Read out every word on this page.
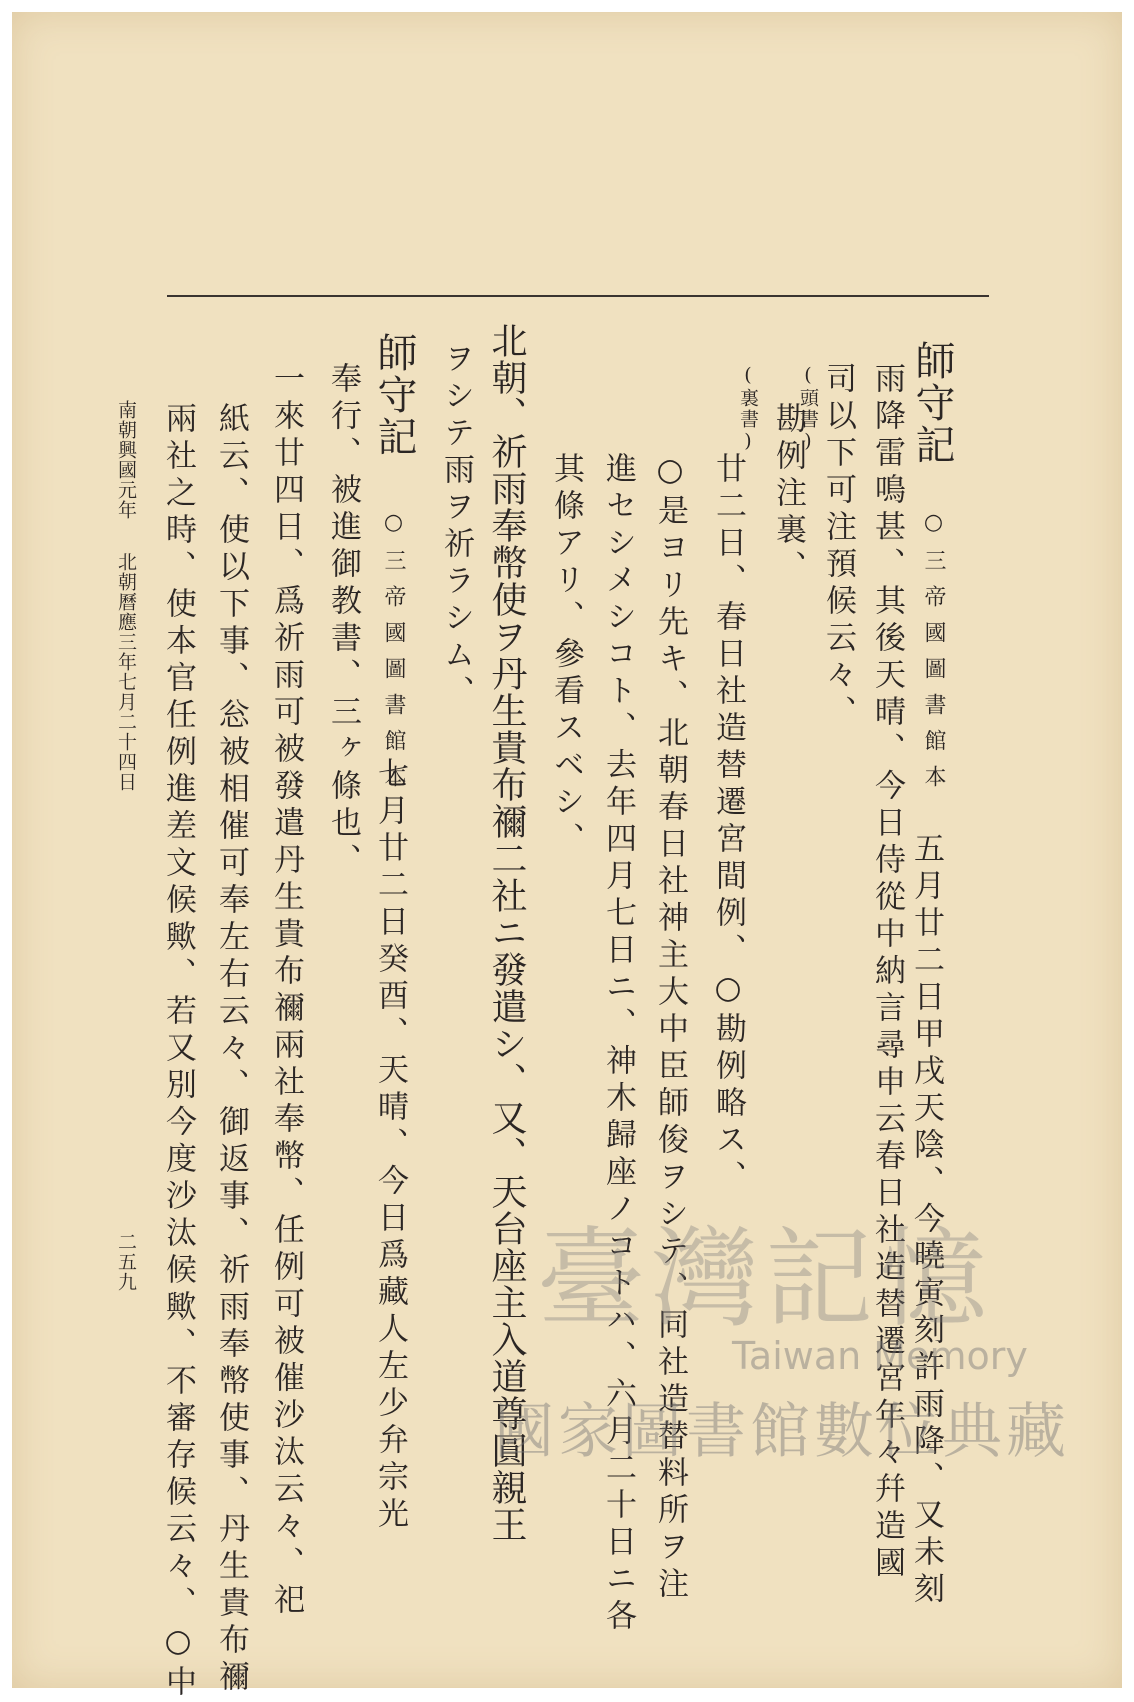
師守記
○三帝國圖書館本
五月廿二日甲戌天陰、今曉寅刻許雨降、又未刻
雨降雷鳴甚、其後天晴、今日侍從中納言尋申云春日社造替遷宮年々幷造國
司以下可注預候云々、
(頭書)
勘例注裏、
(裏書)
廿二日、春日社造替遷宮間例、○勘例略ス、
○是ヨリ先キ、北朝春日社神主大中臣師俊ヲシテ、同社造替料所ヲ注
進セシメシコト、去年四月七日ニ、神木歸座ノコトハ、六月二十日ニ各
其條アリ、參看スベシ、
北朝、祈雨奉幣使ヲ丹生貴布禰二社ニ發遣シ、又、天台座主入道尊圓親王
ヲシテ雨ヲ祈ラシム、
師守記
○三帝國圖書館本
七月廿二日癸酉、天晴、今日爲藏人左少弁宗光
奉行、被進御教書、三ヶ條也、
一來廿四日、爲祈雨可被發遣丹生貴布禰兩社奉幣、任例可被催沙汰云々、祀
紙云、使以下事、忩被相催可奉左右云々、御返事、祈雨奉幣使事、丹生貴布禰
兩社之時、使本官任例進差文候歟、若又別今度沙汰候歟、不審存候云々、○中
南朝興國元年
北朝曆應三年七月二十四日
二五九	臺灣記憶
Taiwan Memory
國家圖書館數位典藏
